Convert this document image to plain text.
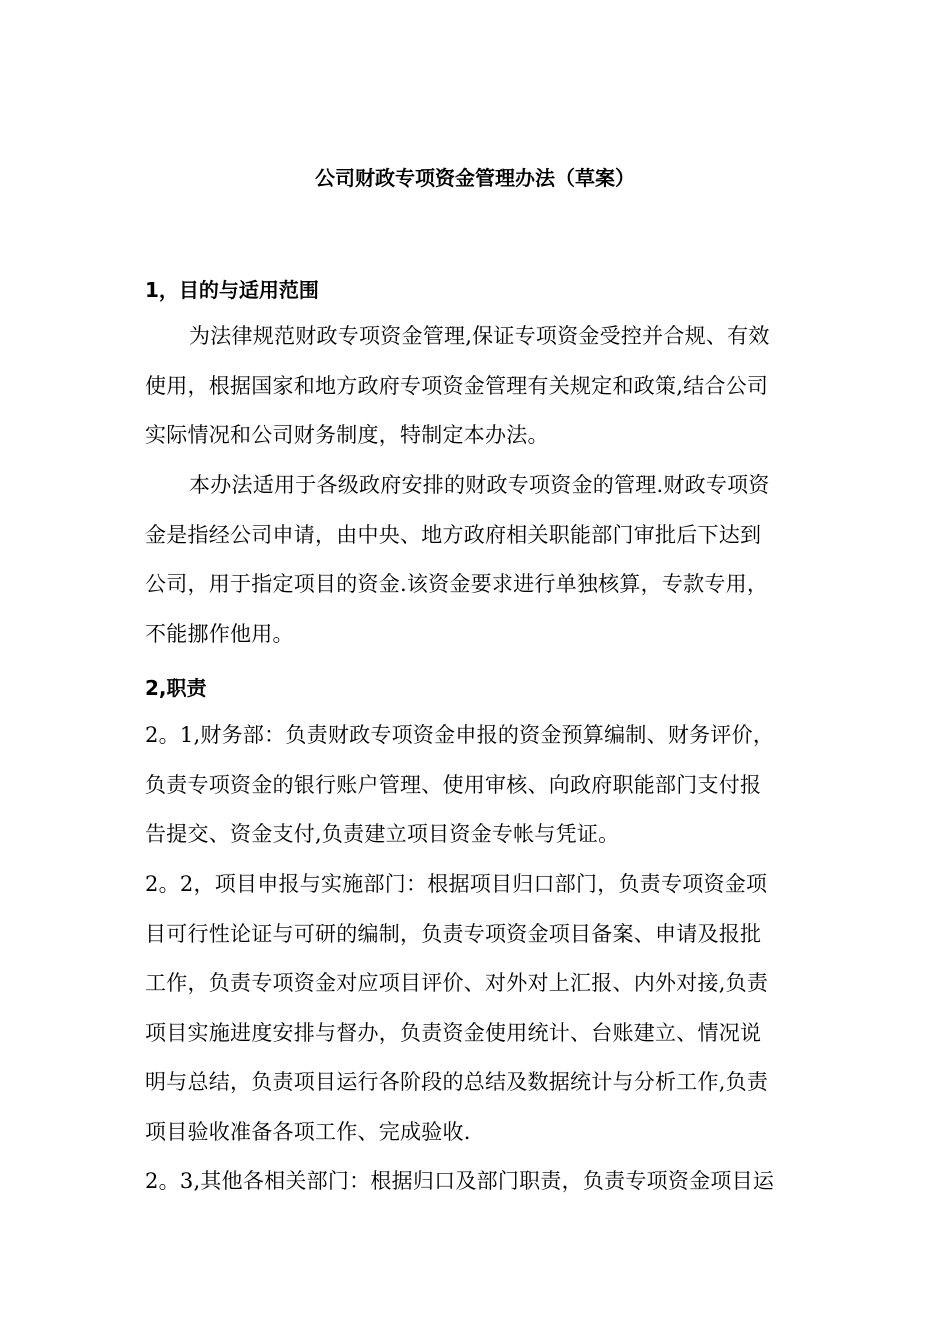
公司财政专项资金管理办法（草案）
1，目的与适用范围
为法律规范财政专项资金管理,保证专项资金受控并合规、有效
使用，根据国家和地方政府专项资金管理有关规定和政策,结合公司
实际情况和公司财务制度，特制定本办法。
本办法适用于各级政府安排的财政专项资金的管理.财政专项资
金是指经公司申请，由中央、地方政府相关职能部门审批后下达到
公司，用于指定项目的资金.该资金要求进行单独核算，专款专用，
不能挪作他用。
2,职责
2。1,财务部：负责财政专项资金申报的资金预算编制、财务评价，
负责专项资金的银行账户管理、使用审核、向政府职能部门支付报
告提交、资金支付,负责建立项目资金专帐与凭证。
2。2，项目申报与实施部门：根据项目归口部门，负责专项资金项
目可行性论证与可研的编制，负责专项资金项目备案、申请及报批
工作，负责专项资金对应项目评价、对外对上汇报、内外对接,负责
项目实施进度安排与督办，负责资金使用统计、台账建立、情况说
明与总结，负责项目运行各阶段的总结及数据统计与分析工作,负责
项目验收准备各项工作、完成验收.
2。3,其他各相关部门：根据归口及部门职责，负责专项资金项目运
